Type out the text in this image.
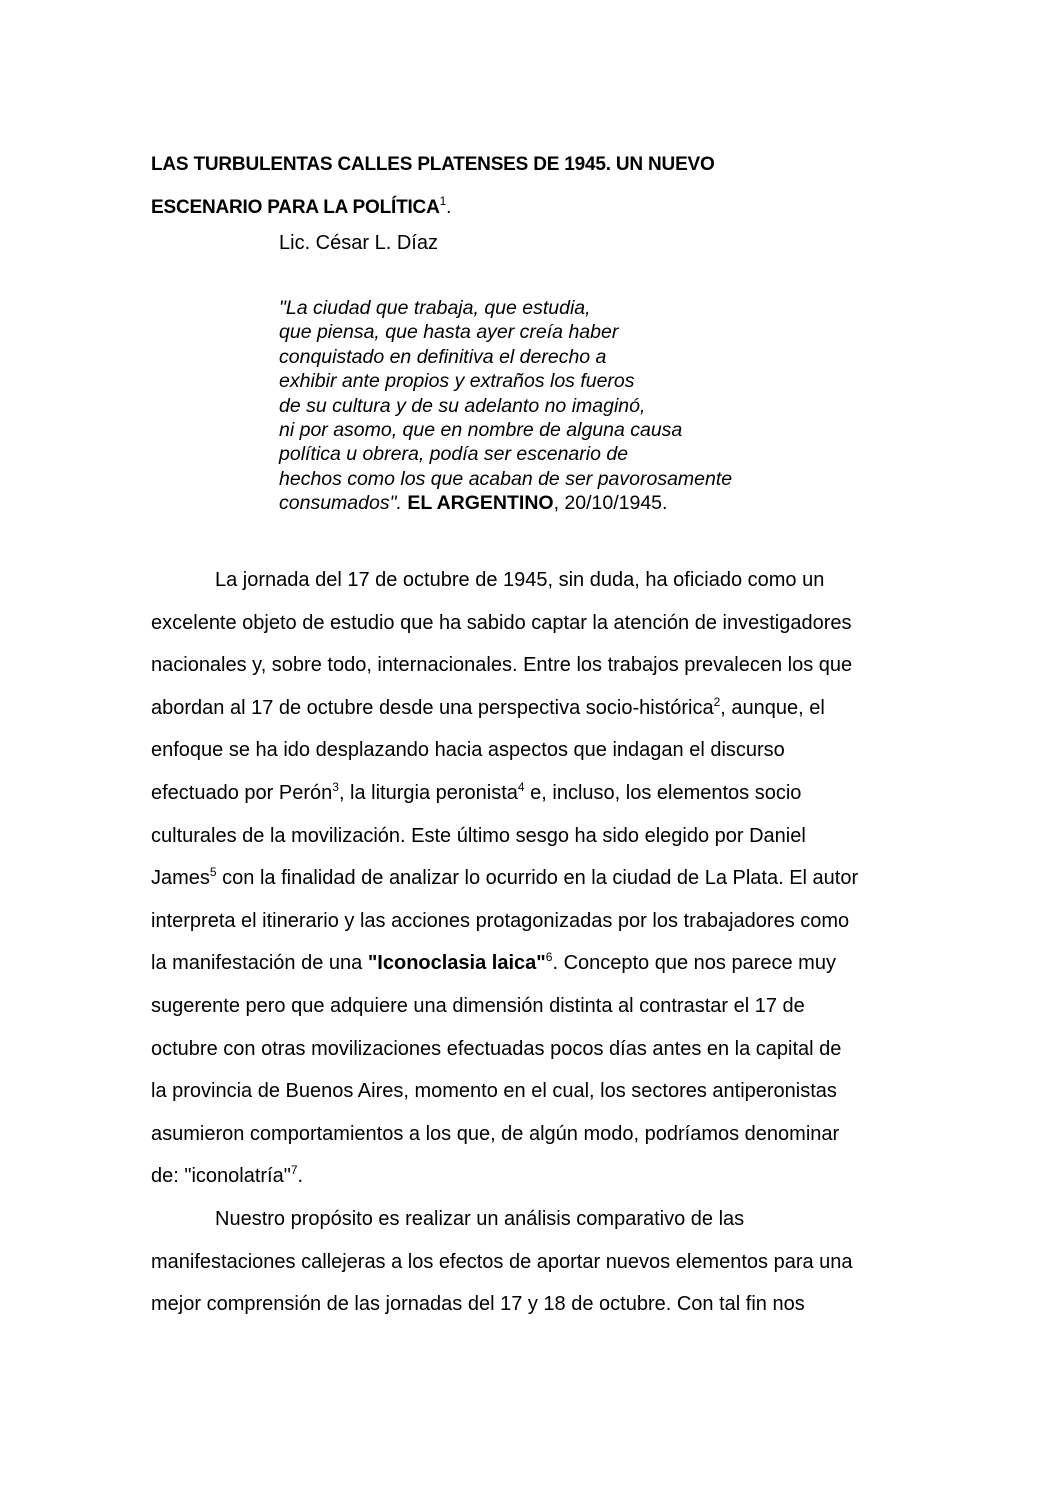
LAS TURBULENTAS CALLES PLATENSES DE 1945. UN NUEVO
ESCENARIO PARA LA POLÍTICA$^1$.
Lic. César L. Díaz
"La ciudad que trabaja, que estudia,
que piensa, que hasta ayer creía haber
conquistado en definitiva el derecho a
exhibir ante propios y extraños los fueros
de su cultura y de su adelanto no imaginó,
ni por asomo, que en nombre de alguna causa
política u obrera, podía ser escenario de
hechos como los que acaban de ser pavorosamente
consumados". EL ARGENTINO, 20/10/1945.
La jornada del 17 de octubre de 1945, sin duda, ha oficiado como un
excelente objeto de estudio que ha sabido captar la atención de investigadores
nacionales y, sobre todo, internacionales. Entre los trabajos prevalecen los que
abordan al 17 de octubre desde una perspectiva socio-histórica$^2$, aunque, el
enfoque se ha ido desplazando hacia aspectos que indagan el discurso
efectuado por Perón$^3$, la liturgia peronista$^4$ e, incluso, los elementos socio
culturales de la movilización. Este último sesgo ha sido elegido por Daniel
James$^5$ con la finalidad de analizar lo ocurrido en la ciudad de La Plata. El autor
interpreta el itinerario y las acciones protagonizadas por los trabajadores como
la manifestación de una "Iconoclasia laica"$^6$. Concepto que nos parece muy
sugerente pero que adquiere una dimensión distinta al contrastar el 17 de
octubre con otras movilizaciones efectuadas pocos días antes en la capital de
la provincia de Buenos Aires, momento en el cual, los sectores antiperonistas
asumieron comportamientos a los que, de algún modo, podríamos denominar
de: "iconolatría"$^7$.
Nuestro propósito es realizar un análisis comparativo de las
manifestaciones callejeras a los efectos de aportar nuevos elementos para una
mejor comprensión de las jornadas del 17 y 18 de octubre. Con tal fin nos
